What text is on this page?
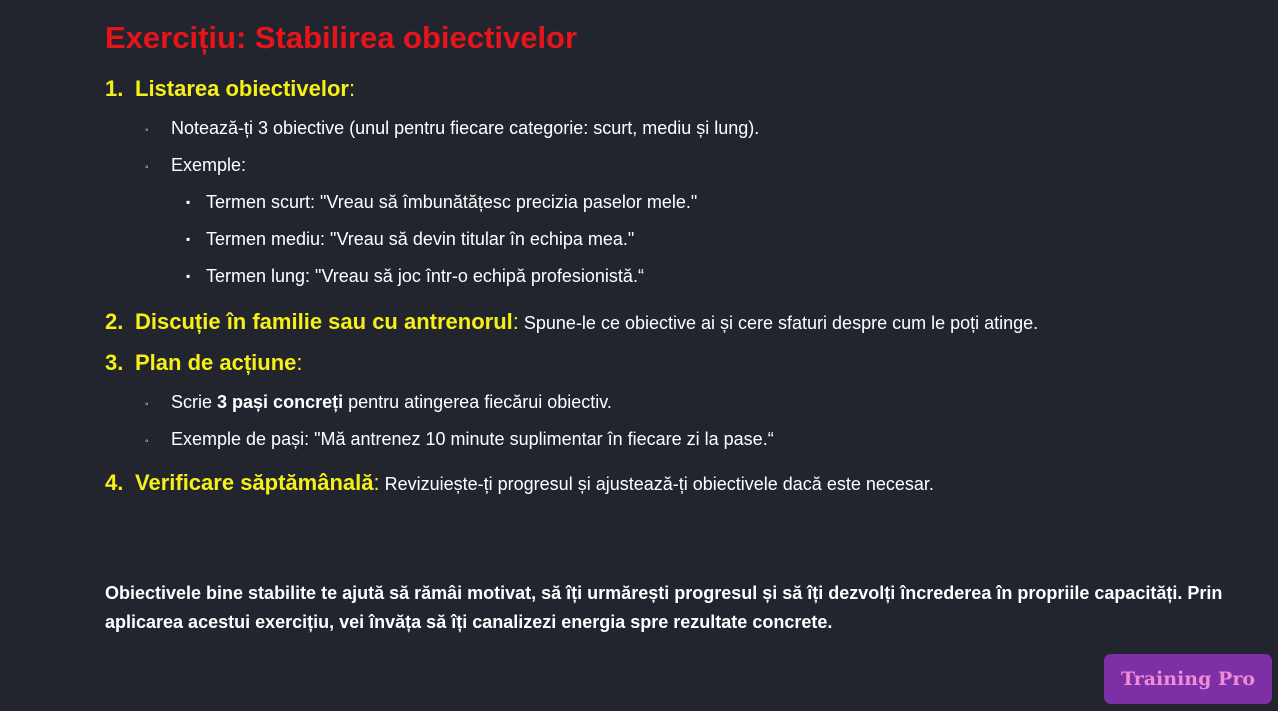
Exercițiu: Stabilirea obiectivelor
1. Listarea obiectivelor :
◦ Notează-ți 3 obiective (unul pentru fiecare categorie: scurt, mediu și lung).
◦ Exemple:
▪ Termen scurt: "Vreau să îmbunătățesc precizia paselor mele."
▪ Termen mediu: "Vreau să devin titular în echipa mea."
▪ Termen lung: "Vreau să joc într-o echipă profesionistă.“
2. Discuție în familie sau cu antrenorul : Spune-le ce obiective ai și cere sfaturi despre cum le poți atinge.
3. Plan de acțiune :
◦ Scrie 3 pași concreți pentru atingerea fiecărui obiectiv.
◦ Exemple de pași: "Mă antrenez 10 minute suplimentar în fiecare zi la pase.“
4. Verificare săptămânală : Revizuiește-ți progresul și ajustează-ți obiectivele dacă este necesar.

Obiectivele bine stabilite te ajută să rămâi motivat, să îți urmărești progresul și să îți dezvolți încrederea în propriile capacități. Prin aplicarea acestui exercițiu, vei învăța să îți canalizezi energia spre rezultate concrete.

Training Pro
